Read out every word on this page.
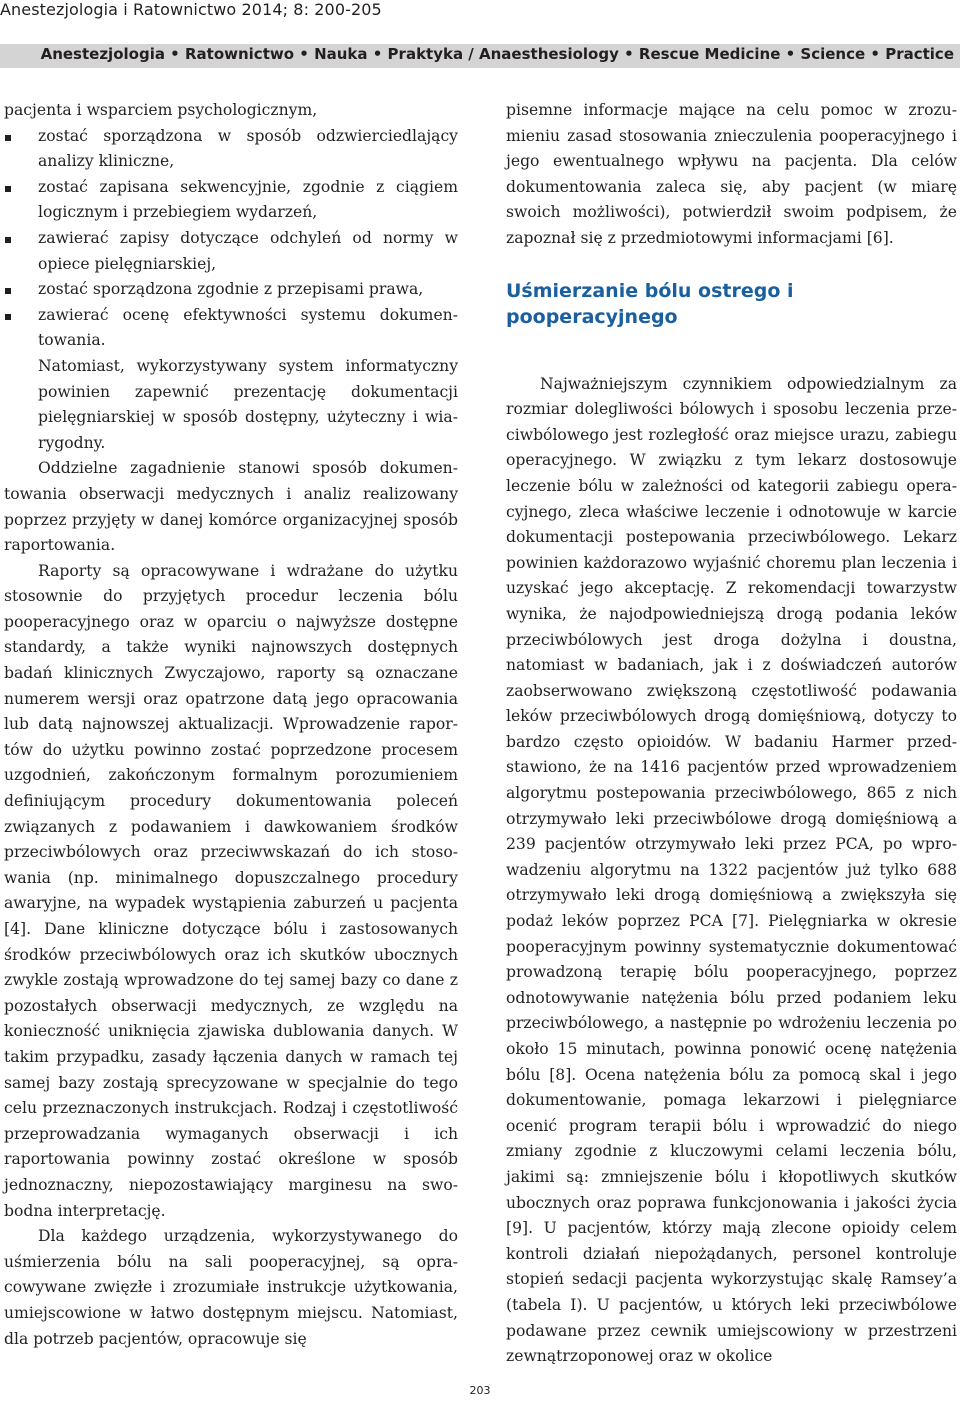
Anestezjologia i Ratownictwo 2014; 8: 200-205
Anestezjologia • Ratownictwo • Nauka • Praktyka / Anaesthesiology • Rescue Medicine • Science • Practice

pacjenta i wsparciem psychologicznym,

zostać sporządzona w sposób odzwierciedlający analizy kliniczne,
zostać zapisana sekwencyjnie, zgodnie z ciągiem logicznym i przebiegiem wydarzeń,
zawierać zapisy dotyczące odchyleń od normy w opiece pielęgniarskiej,
zostać sporządzona zgodnie z przepisami prawa,
zawierać ocenę efektywności systemu dokumentowania.

Natomiast, wykorzystywany system informatyczny powinien zapewnić prezentację dokumentacji pielęgniarskiej w sposób dostępny, użyteczny i wiarygodny.

Oddzielne zagadnienie stanowi sposób dokumentowania obserwacji medycznych i analiz realizowany poprzez przyjęty w danej komórce organizacyjnej sposób raportowania.

Raporty są opracowywane i wdrażane do użytku stosownie do przyjętych procedur leczenia bólu pooperacyjnego oraz w oparciu o najwyższe dostępne standardy, a także wyniki najnowszych dostępnych badań klinicznych Zwyczajowo, raporty są oznaczane numerem wersji oraz opatrzone datą jego opracowania lub datą najnowszej aktualizacji. Wprowadzenie raportów do użytku powinno zostać poprzedzone procesem uzgodnień, zakończonym formalnym porozumieniem definiującym procedury dokumentowania poleceń związanych z podawaniem i dawkowaniem środków przeciwbólowych oraz przeciwwskazań do ich stosowania (np. minimalnego dopuszczalnego procedury awaryjne, na wypadek wystąpienia zaburzeń u pacjenta [4]. Dane kliniczne dotyczące bólu i zastosowanych środków przeciwbólowych oraz ich skutków ubocznych zwykle zostają wprowadzone do tej samej bazy co dane z pozostałych obserwacji medycznych, ze względu na konieczność uniknięcia zjawiska dublowania danych. W takim przypadku, zasady łączenia danych w ramach tej samej bazy zostają sprecyzowane w specjalnie do tego celu przeznaczonych instrukcjach. Rodzaj i częstotliwość przeprowadzania wymaganych obserwacji i ich raportowania powinny zostać określone w sposób jednoznaczny, niepozostawiający marginesu na swobodna interpretację.

Dla każdego urządzenia, wykorzystywanego do uśmierzenia bólu na sali pooperacyjnej, są opracowywane zwięzłe i zrozumiałe instrukcje użytkowania, umiejscowione w łatwo dostępnym miejscu. Natomiast, dla potrzeb pacjentów, opracowuje się

pisemne informacje mające na celu pomoc w zrozumieniu zasad stosowania znieczulenia pooperacyjnego i jego ewentualnego wpływu na pacjenta. Dla celów dokumentowania zaleca się, aby pacjent (w miarę swoich możliwości), potwierdził swoim podpisem, że zapoznał się z przedmiotowymi informacjami [6].

Uśmierzanie bólu ostrego i pooperacyjnego

Najważniejszym czynnikiem odpowiedzialnym za rozmiar dolegliwości bólowych i sposobu leczenia przeciwbólowego jest rozległość oraz miejsce urazu, zabiegu operacyjnego. W związku z tym lekarz dostosowuje leczenie bólu w zależności od kategorii zabiegu operacyjnego, zleca właściwe leczenie i odnotowuje w karcie dokumentacji postepowania przeciwbólowego. Lekarz powinien każdorazowo wyjaśnić choremu plan leczenia i uzyskać jego akceptację. Z rekomendacji towarzystw wynika, że najodpowiedniejszą drogą podania leków przeciwbólowych jest droga dożylna i doustna, natomiast w badaniach, jak i z doświadczeń autorów zaobserwowano zwiększoną częstotliwość podawania leków przeciwbólowych drogą domięśniową, dotyczy to bardzo często opioidów. W badaniu Harmer przedstawiono, że na 1416 pacjentów przed wprowadzeniem algorytmu postepowania przeciwbólowego, 865 z nich otrzymywało leki przeciwbólowe drogą domięśniową a 239 pacjentów otrzymywało leki przez PCA, po wprowadzeniu algorytmu na 1322 pacjentów już tylko 688 otrzymywało leki drogą domięśniową a zwiększyła się podaż leków poprzez PCA [7]. Pielęgniarka w okresie pooperacyjnym powinny systematycznie dokumentować prowadzoną terapię bólu pooperacyjnego, poprzez odnotowywanie natężenia bólu przed podaniem leku przeciwbólowego, a następnie po wdrożeniu leczenia po około 15 minutach, powinna ponowić ocenę natężenia bólu [8]. Ocena natężenia bólu za pomocą skal i jego dokumentowanie, pomaga lekarzowi i pielęgniarce ocenić program terapii bólu i wprowadzić do niego zmiany zgodnie z kluczowymi celami leczenia bólu, jakimi są: zmniejszenie bólu i kłopotliwych skutków ubocznych oraz poprawa funkcjonowania i jakości życia [9]. U pacjentów, którzy mają zlecone opioidy celem kontroli działań niepożądanych, personel kontroluje stopień sedacji pacjenta wykorzystując skalę Ramsey’a (tabela I). U pacjentów, u których leki przeciwbólowe podawane przez cewnik umiejscowiony w przestrzeni zewnątrzoponowej oraz w okolice

203
